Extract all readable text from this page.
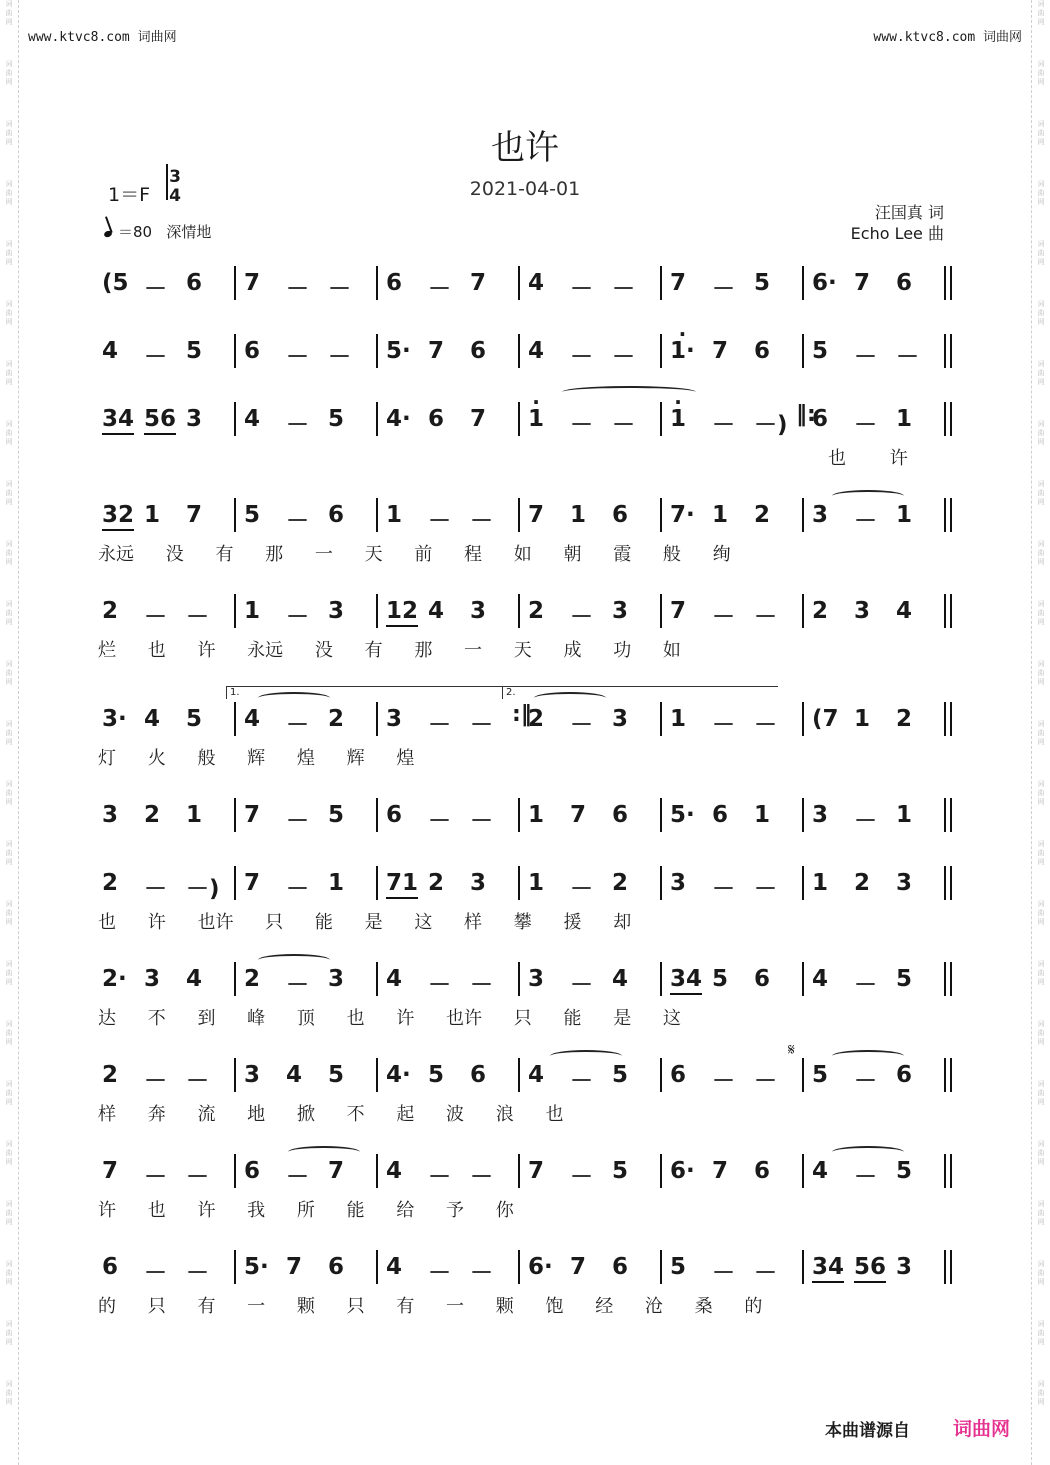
词
曲
网
词
曲
网
词
曲
网
词
曲
网
词
曲
网
词
曲
网
词
曲
网
词
曲
网
词
曲
网
词
曲
网
词
曲
网
词
曲
网
词
曲
网
词
曲
网
词
曲
网
词
曲
网
词
曲
网
词
曲
网
词
曲
网
词
曲
网
词
曲
网
词
曲
网
词
曲
网
词
曲
网
词
曲
网
词
曲
网
词
曲
网
词
曲
网
词
曲
网
词
曲
网
词
曲
网
词
曲
网
词
曲
网
词
曲
网
词
曲
网
词
曲
网
词
曲
网
词
曲
网
词
曲
网
词
曲
网
词
曲
网
词
曲
网
词
曲
网
词
曲
网
词
曲
网
词
曲
网
词
曲
网
词
曲
网
www.ktvc8.com 词曲网	www.ktvc8.com 词曲网
也许
2021-04-01
1＝F
3
4
＝80 深情地
汪国真 词
Echo Lee 曲
(5 － 6 7 － － 6 － 7 4 － － 7 － 5 6· 7 6
4 － 5 6 － － 5· 7 6 4 － － · 1· 7 6 5 － －
34 56 3 4 － 5 4· 6 7 · 1 － － · 1 － －) ‖:
6 － 1
也 许
32 1 7 5 － 6 1 － － 7 1 6 7· 1 2 3 － 1
永远 没 有 那 一 天 前 程 如 朝 霞 般 绚
2 － － 1 － 3 12 4 3 2 － 3 7 － － 2 3 4
烂 也 许 永远 没 有 那 一 天 成 功 如
3· 4 5 4 － 2 3 － － :‖
2 － 3 1 － － (7 1 2
灯 火 般 辉 煌 辉 煌
3 2 1 7 － 5 6 － － 1 7 6 5· 6 1 3 － 1
2 － －) 7 － 1 71 2 3 1 － 2 3 － － 1 2 3
也 许 也许 只 能 是 这 样 攀 援 却
2· 3 4 2 － 3 4 － － 3 － 4 34 5 6 4 － 5
达 不 到 峰 顶 也 许 也许 只 能 是 这
2 － － 3 4 5 4· 5 6 4 － 5 6 － － 5 － 6
样 奔 流 地 掀 不 起 波 浪 也
7 － － 6 － 7 4 － － 7 － 5 6· 7 6 4 － 5
许 也 许 我 所 能 给 予 你
6 － － 5· 7 6 4 － － 6· 7 6 5 － － 34 56 3
的 只 有 一 颗 只 有 一 颗 饱 经 沧 桑 的
1.	2.
𝄋
本曲谱源自 词曲网
